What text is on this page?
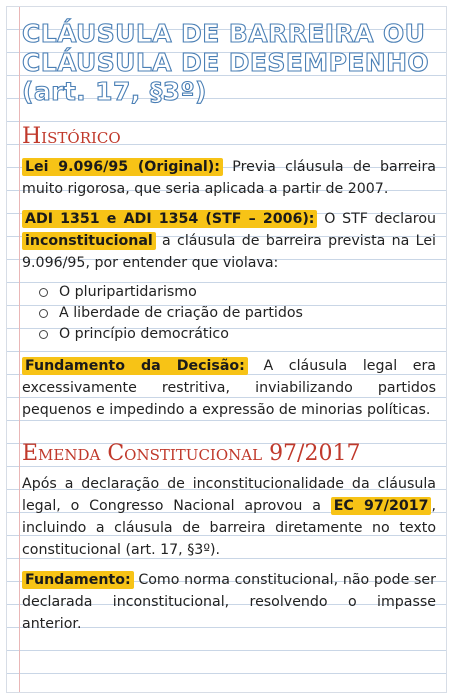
CLÁUSULA DE BARREIRA OU
CLÁUSULA DE DESEMPENHO
(art. 17, §3º)
Histórico

Lei 9.096/95 (Original): Previa cláusula de barreira muito rigorosa, que seria aplicada a partir de 2007.

ADI 1351 e ADI 1354 (STF – 2006): O STF declarou inconstitucional a cláusula de barreira prevista na Lei 9.096/95, por entender que violava:

O pluripartidarismo
A liberdade de criação de partidos
O princípio democrático

Fundamento da Decisão: A cláusula legal era excessivamente restritiva, inviabilizando partidos pequenos e impedindo a expressão de minorias políticas.

Emenda Constitucional 97/2017

Após a declaração de inconstitucionalidade da cláusula legal, o Congresso Nacional aprovou a EC 97/2017 , incluindo a cláusula de barreira diretamente no texto constitucional (art. 17, §3º).

Fundamento: Como norma constitucional, não pode ser declarada inconstitucional, resolvendo o impasse anterior.
